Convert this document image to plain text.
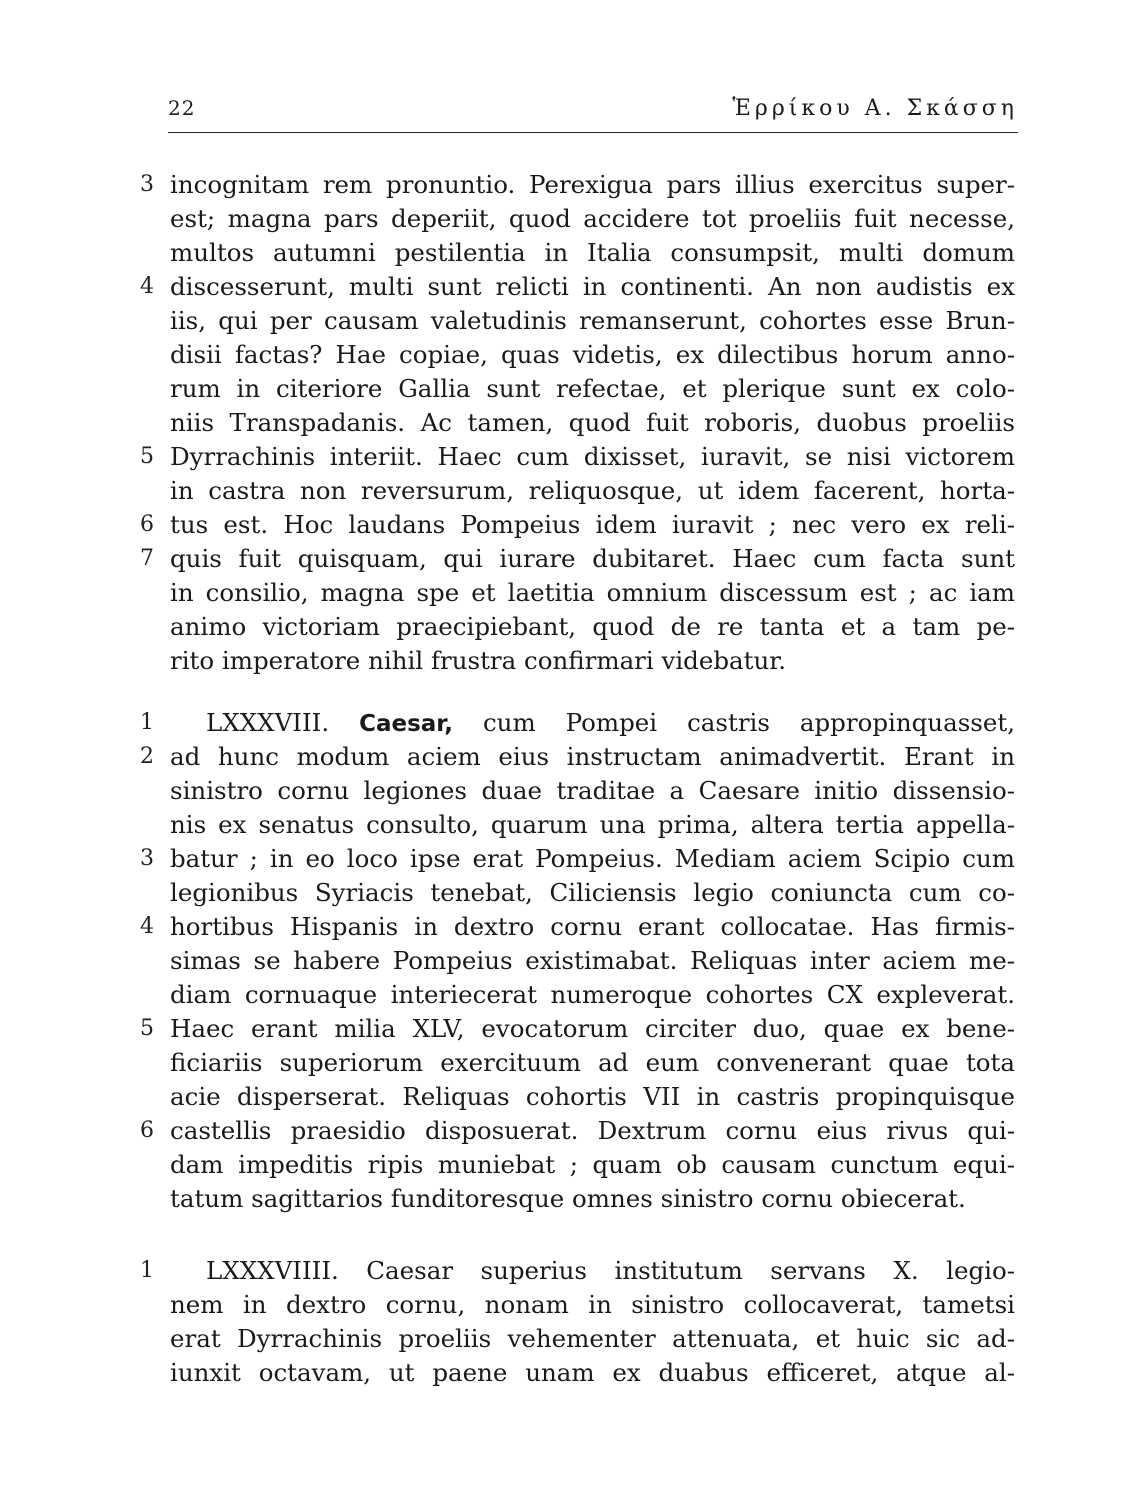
22	Ἑρρίκου Α. Σκάσση
3 incognitam rem pronuntio. Perexigua pars illius exercitus super-
est; magna pars deperiit, quod accidere tot proeliis fuit necesse,
multos autumni pestilentia in Italia consumpsit, multi domum
4 discesserunt, multi sunt relicti in continenti. An non audistis ex
iis, qui per causam valetudinis remanserunt, cohortes esse Brun-
disii factas? Hae copiae, quas videtis, ex dilectibus horum anno-
rum in citeriore Gallia sunt refectae, et plerique sunt ex colo-
niis Transpadanis. Ac tamen, quod fuit roboris, duobus proeliis
5 Dyrrachinis interiit. Haec cum dixisset, iuravit, se nisi victorem
in castra non reversurum, reliquosque, ut idem facerent, horta-
6 tus est. Hoc laudans Pompeius idem iuravit ; nec vero ex reli-
7 quis fuit quisquam, qui iurare dubitaret. Haec cum facta sunt
in consilio, magna spe et laetitia omnium discessum est ; ac iam
animo victoriam praecipiebant, quod de re tanta et a tam pe-
rito imperatore nihil frustra confirmari videbatur.
1	LXXXVIII. Caesar, cum Pompei castris appropinquasset,
2 ad hunc modum aciem eius instructam animadvertit. Erant in
sinistro cornu legiones duae traditae a Caesare initio dissensio-
nis ex senatus consulto, quarum una prima, altera tertia appella-
3 batur ; in eo loco ipse erat Pompeius. Mediam aciem Scipio cum
legionibus Syriacis tenebat, Ciliciensis legio coniuncta cum co-
4 hortibus Hispanis in dextro cornu erant collocatae. Has firmis-
simas se habere Pompeius existimabat. Reliquas inter aciem me-
diam cornuaque interiecerat numeroque cohortes CX expleverat.
5 Haec erant milia XLV, evocatorum circiter duo, quae ex bene-
ficiariis superiorum exercituum ad eum convenerant quae tota
acie disperserat. Reliquas cohortis VII in castris propinquisque
6 castellis praesidio disposuerat. Dextrum cornu eius rivus qui-
dam impeditis ripis muniebat ; quam ob causam cunctum equi-
tatum sagittarios funditoresque omnes sinistro cornu obiecerat.
1	LXXXVIIII. Caesar superius institutum servans X. legio-
nem in dextro cornu, nonam in sinistro collocaverat, tametsi
erat Dyrrachinis proeliis vehementer attenuata, et huic sic ad-
iunxit octavam, ut paene unam ex duabus efficeret, atque al-
